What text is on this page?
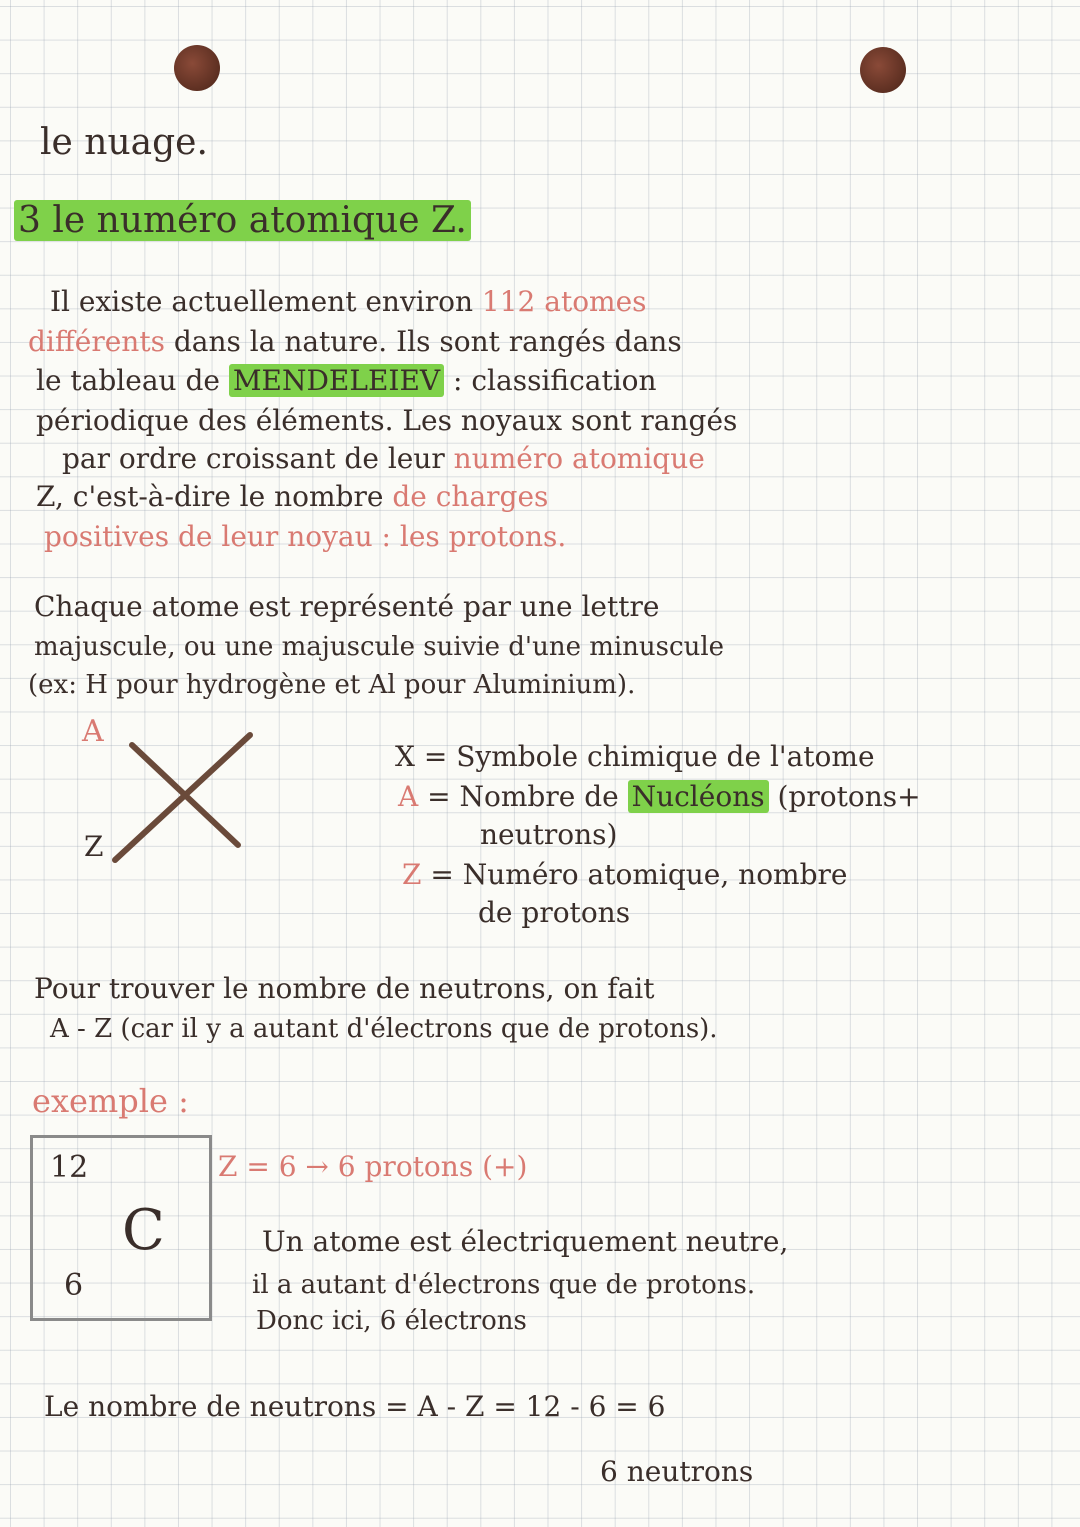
le nuage.
3 le numéro atomique Z.
Il existe actuellement environ 112 atomes
différents dans la nature. Ils sont rangés dans
le tableau de MENDELEIEV : classification
périodique des éléments. Les noyaux sont rangés
par ordre croissant de leur numéro atomique
Z, c'est-à-dire le nombre de charges
positives de leur noyau : les protons.
Chaque atome est représenté par une lettre
majuscule, ou une majuscule suivie d'une minuscule
(ex: H pour hydrogène et Al pour Aluminium).
A
Z
X = Symbole chimique de l'atome
A = Nombre de Nucléons (protons+
neutrons)
Z = Numéro atomique, nombre
de protons
Pour trouver le nombre de neutrons, on fait
A - Z (car il y a autant d'électrons que de protons).
exemple :
12
C
6
Z = 6 → 6 protons (+)
Un atome est électriquement neutre,
il a autant d'électrons que de protons.
Donc ici, 6 électrons
Le nombre de neutrons = A - Z = 12 - 6 = 6
6 neutrons
